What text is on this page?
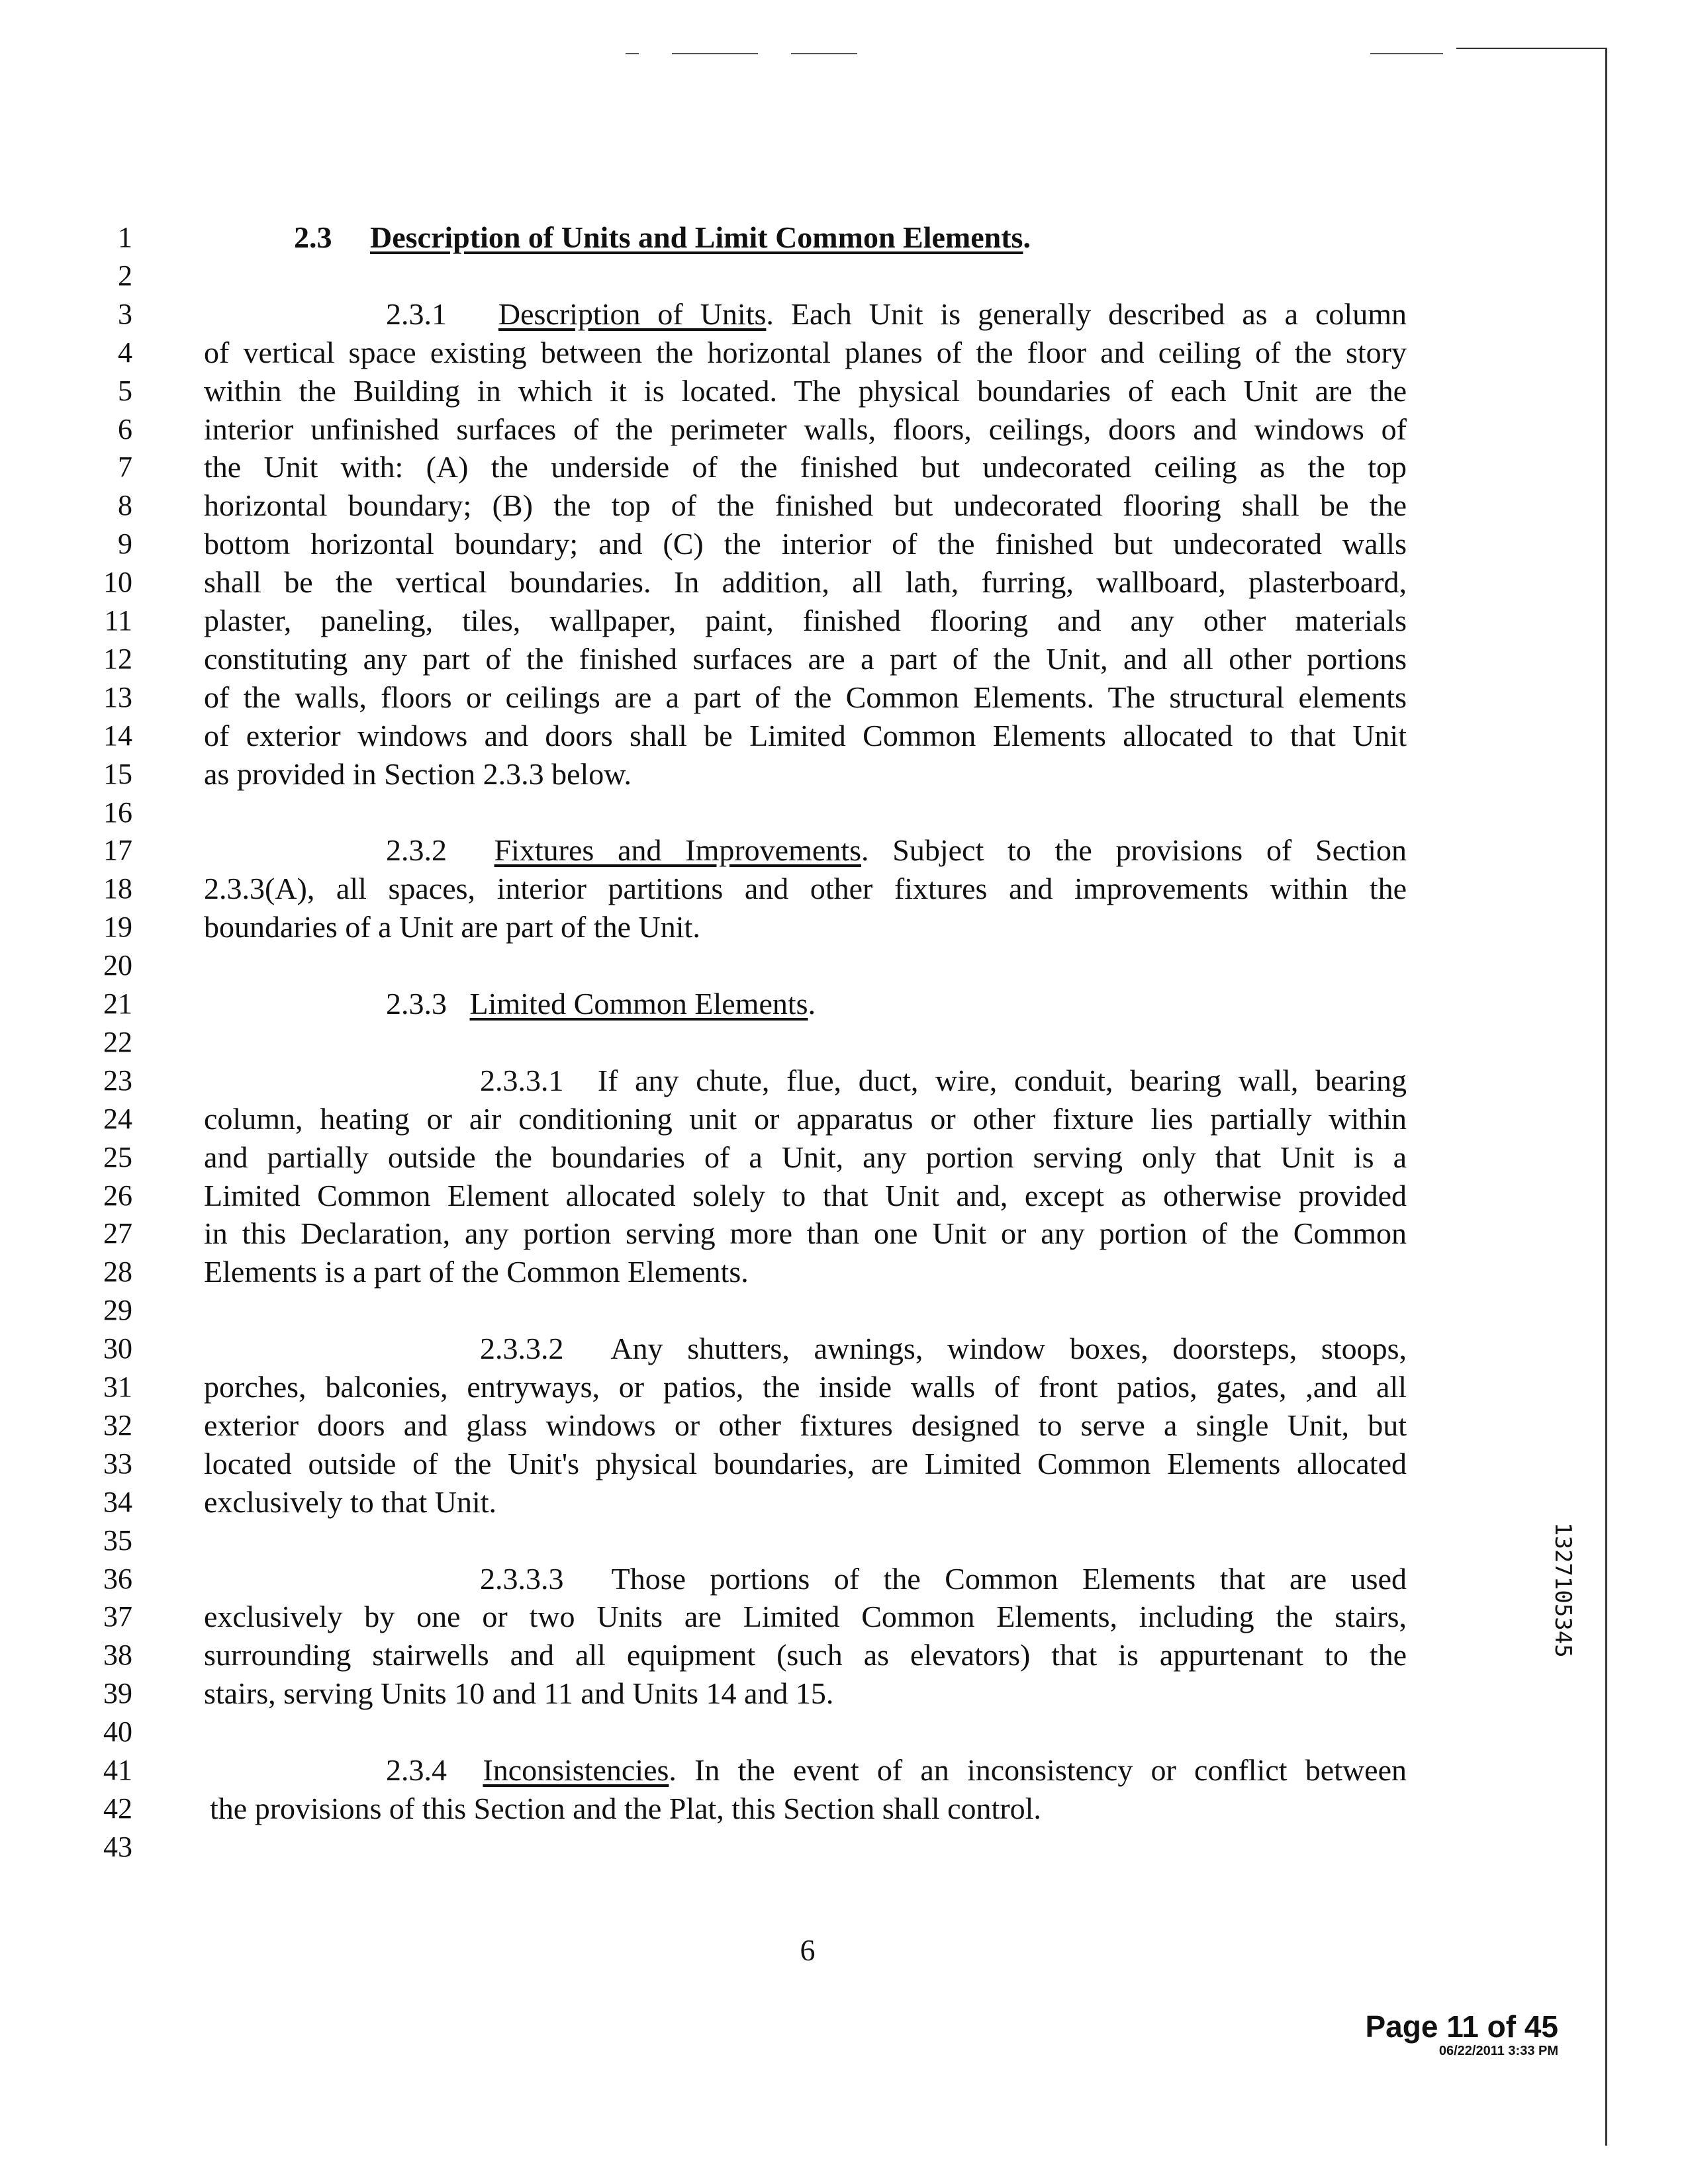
1	2.3 Description of Units and Limit Common Elements.
2
3	2.3.1   Description of Units. Each Unit is generally described as a column
4 of vertical space existing between the horizontal planes of the floor and ceiling of the story
5 within the Building in which it is located. The physical boundaries of each Unit are the
6 interior unfinished surfaces of the perimeter walls, floors, ceilings, doors and windows of
7 the Unit with: (A) the underside of the finished but undecorated ceiling as the top
8 horizontal boundary; (B) the top of the finished but undecorated flooring shall be the
9 bottom horizontal boundary; and (C) the interior of the finished but undecorated walls
10 shall be the vertical boundaries. In addition, all lath, furring, wallboard, plasterboard,
11 plaster, paneling, tiles, wallpaper, paint, finished flooring and any other materials
12 constituting any part of the finished surfaces are a part of the Unit, and all other portions
13 of the walls, floors or ceilings are a part of the Common Elements. The structural elements
14 of exterior windows and doors shall be Limited Common Elements allocated to that Unit
15 as provided in Section 2.3.3 below.
16
17	2.3.2  Fixtures and Improvements. Subject to the provisions of Section
18 2.3.3(A), all spaces, interior partitions and other fixtures and improvements within the
19 boundaries of a Unit are part of the Unit.
20
21	2.3.3   Limited Common Elements.
22
23	2.3.3.1  If any chute, flue, duct, wire, conduit, bearing wall, bearing
24 column, heating or air conditioning unit or apparatus or other fixture lies partially within
25 and partially outside the boundaries of a Unit, any portion serving only that Unit is a
26 Limited Common Element allocated solely to that Unit and, except as otherwise provided
27 in this Declaration, any portion serving more than one Unit or any portion of the Common
28 Elements is a part of the Common Elements.
29
30	2.3.3.2  Any shutters, awnings, window boxes, doorsteps, stoops,
31 porches, balconies, entryways, or patios, the inside walls of front patios, gates, ,and all
32 exterior doors and glass windows or other fixtures designed to serve a single Unit, but
33 located outside of the Unit's physical boundaries, are Limited Common Elements allocated
34 exclusively to that Unit.
35
36	2.3.3.3  Those portions of the Common Elements that are used
37 exclusively by one or two Units are Limited Common Elements, including the stairs,
38 surrounding stairwells and all equipment (such as elevators) that is appurtenant to the
39 stairs, serving Units 10 and 11 and Units 14 and 15.
40
41	2.3.4  Inconsistencies. In the event of an inconsistency or conflict between
42	the provisions of this Section and the Plat, this Section shall control.
43
6
1327105345
Page 11 of 45
06/22/2011 3:33 PM
